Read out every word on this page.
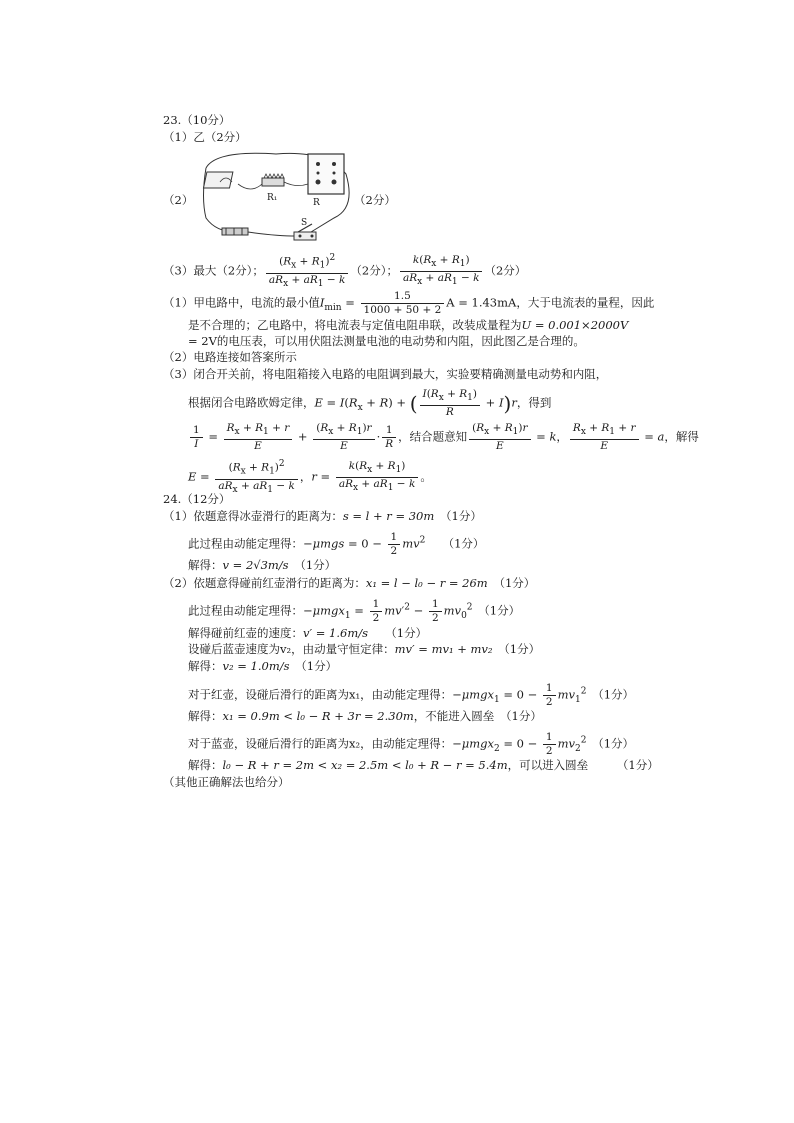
23.（10分）
（1）乙（2分）
（2）	R₁	R
S
（2分）
（3）最大（2分）； $\frac{(Rx + R1)2}{\text{aRx + aR1 − k}} (2$分）； $\frac{k(Rx + R1)}{\text{aRx + aR1 − k}} (2$分）
（1）甲电路中，电流的最小值$I_{min} = \frac{1.5}{1000 + 50 + 2}$ A = 1.43mA，大于电流表的量程，因此
是不合理的；乙电路中，将电流表与定值电阻串联，改装成量程为U = 0.001×2000V
= 2V的电压表，可以用伏阻法测量电池的电动势和内阻，因此图乙是合理的。
（2）电路连接如答案所示
（3）闭合开关前，将电阻箱接入电路的电阻调到最大，实验要精确测量电动势和内阻，
根据闭合电路欧姆定律，$E = I(R_x + R)$ + ( $\frac{I(Rx + R1)}{R} + I)r$，得到
$\frac{1}{I} = \frac{Rx + R1 + r}{E} + \frac{(Rx + R1)r}{E} \cdot \frac{1}{R}$ ，结合题意知 $\frac{(Rx + R1)r}{E} = k$， $\frac{Rx + R1 + r}{E} = a$，解得
$E = \frac{(Rx + R1)2}{\text{aRx + aR1 − k}}$ ，$r = \frac{k(Rx + R1)}{\text{aRx + aR1 − k}}$ 。
24.（12分）
（1）依题意得冰壶滑行的距离为：s = l + r = 30m　 （1分）
此过程由动能定理得：$-\mu mgs = 0 - \frac{1}{2} mv^2$　　 （1分）
解得：v = 2√3m/s　 （1分）
（2）依题意得碰前红壶滑行的距离为：x₁ = l − l₀ − r = 26m　 （1分）
此过程由动能定理得：$-\mu mgx_1 = \frac{1}{2} mv'^2 - \frac{1}{2} mv_0^2$　 （1分）
解得碰前红壶的速度：v′ = 1.6m/s　　 （1分）
设碰后蓝壶速度为v₂，由动量守恒定律：mv′ = mv₁ + mv₂　 （1分）
解得：v₂ = 1.0m/s　 （1分）
对于红壶，设碰后滑行的距离为x₁，由动能定理得：$-\mu mgx_1 = 0 - \frac{1}{2} mv_1^2$　 （1分）
解得：x₁ = 0.9m < l₀ − R + 3r = 2.30m，不能进入圆垒　 （1分）
对于蓝壶，设碰后滑行的距离为x₂，由动能定理得：$-\mu mgx_2 = 0 - \frac{1}{2} mv_2^2$　 （1分）
解得：l₀ − R + r = 2m < x₂ = 2.5m < l₀ + R − r = 5.4m，可以进入圆垒　　　	（1分）
（其他正确解法也给分）
